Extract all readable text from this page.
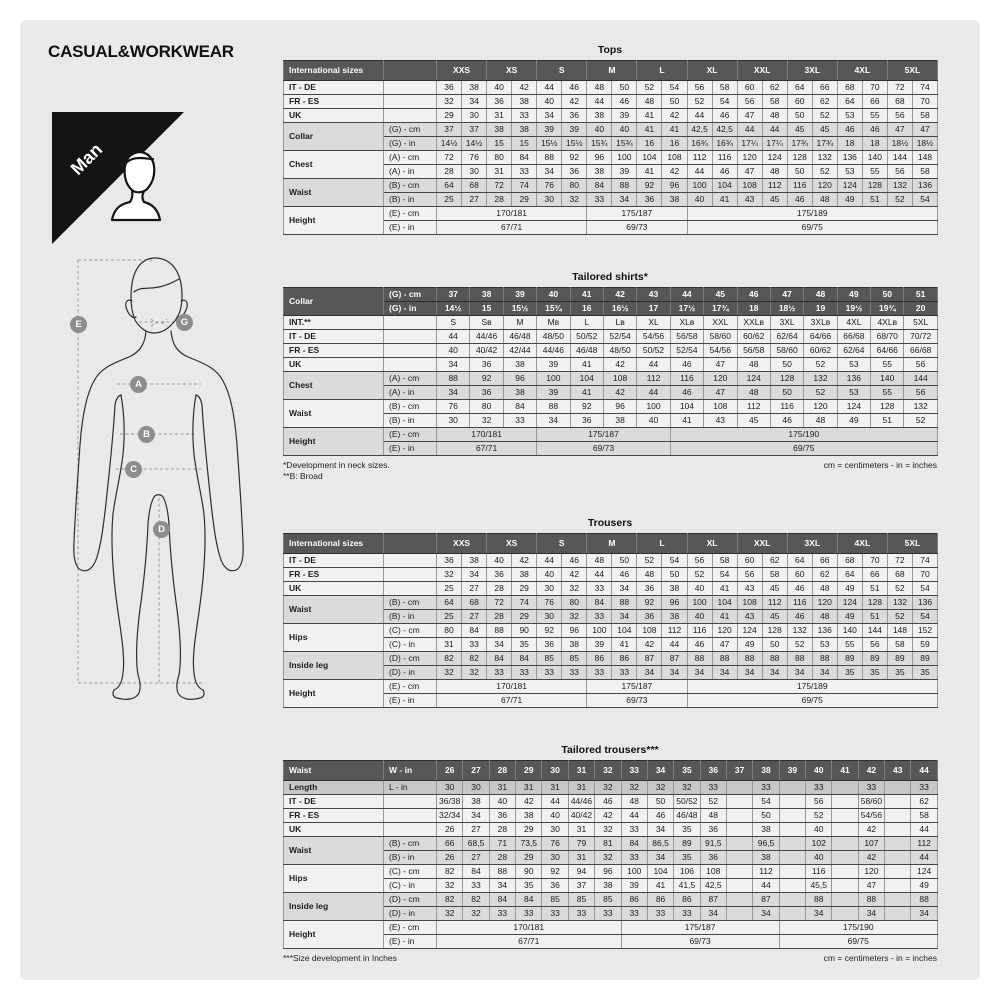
CASUAL&WORKWEAR
Man
E	G
A
B
C
D
Tops
International sizes		XXS		XS		S		M		L		XL		XXL		3XL		4XL		5XL	
IT - DE		36	38	40	42	44	46	48	50	52	54	56	58	60	62	64	66	68	70	72	74
FR - ES		32	34	36	38	40	42	44	46	48	50	52	54	56	58	60	62	64	66	68	70
UK		29	30	31	33	34	36	38	39	41	42	44	46	47	48	50	52	53	55	56	58
Collar	(G) - cm	37	37	38	38	39	39	40	40	41	41	42,5	42,5	44	44	45	45	46	46	47	47
	(G) - in	14½	14½	15	15	15½	15½	15¾	15¾	16	16	16¾	16¾	17¼	17¼	17¾	17¾	18	18	18½	18½
Chest	(A) - cm	72	76	80	84	88	92	96	100	104	108	112	116	120	124	128	132	136	140	144	148
	(A) - in	28	30	31	33	34	36	38	39	41	42	44	46	47	48	50	52	53	55	56	58
Waist	(B) - cm	64	68	72	74	76	80	84	88	92	96	100	104	108	112	116	120	124	128	132	136
	(B) - in	25	27	28	29	30	32	33	34	36	38	40	41	43	45	46	48	49	51	52	54
Height	(E) - cm	170/181						175/187				175/189									
	(E) - in	67/71						69/73				69/75									
Tailored shirts*
Collar	(G) - cm	37	38	39	40	41	42	43	44	45	46	47	48	49	50	51
	(G) - in	14½	15	15½	15¾	16	16½	17	17½	17¾	18	18½	19	19½	19¾	20
INT.**		S	Sʙ	M	Mʙ	L	Lʙ	XL	XLʙ	XXL	XXLʙ	3XL	3XLʙ	4XL	4XLʙ	5XL
IT - DE		44	44/46	46/48	48/50	50/52	52/54	54/56	56/58	58/60	60/62	62/64	64/66	66/68	68/70	70/72
FR - ES		40	40/42	42/44	44/46	46/48	48/50	50/52	52/54	54/56	56/58	58/60	60/62	62/64	64/66	66/68
UK		34	36	38	39	41	42	44	46	47	48	50	52	53	55	56
Chest	(A) - cm	88	92	96	100	104	108	112	116	120	124	128	132	136	140	144
	(A) - in	34	36	38	39	41	42	44	46	47	48	50	52	53	55	56
Waist	(B) - cm	76	80	84	88	92	96	100	104	108	112	116	120	124	128	132
	(B) - in	30	32	33	34	36	38	40	41	43	45	46	48	49	51	52
Height	(E) - cm	170/181			175/187				175/190							
	(E) - in	67/71			69/73				69/75							
*Development in neck sizes.
**B: Broad
cm = centimeters - in = inches
Trousers
International sizes		XXS		XS		S		M		L		XL		XXL		3XL		4XL		5XL	
IT - DE		36	38	40	42	44	46	48	50	52	54	56	58	60	62	64	66	68	70	72	74
FR - ES		32	34	36	38	40	42	44	46	48	50	52	54	56	58	60	62	64	66	68	70
UK		25	27	28	29	30	32	33	34	36	38	40	41	43	45	46	48	49	51	52	54
Waist	(B) - cm	64	68	72	74	76	80	84	88	92	96	100	104	108	112	116	120	124	128	132	136
	(B) - in	25	27	28	29	30	32	33	34	36	38	40	41	43	45	46	48	49	51	52	54
Hips	(C) - cm	80	84	88	90	92	96	100	104	108	112	116	120	124	128	132	136	140	144	148	152
	(C) - in	31	33	34	35	36	38	39	41	42	44	46	47	49	50	52	53	55	56	58	59
Inside leg	(D) - cm	82	82	84	84	85	85	86	86	87	87	88	88	88	88	88	88	89	89	89	89
	(D) - in	32	32	33	33	33	33	33	33	34	34	34	34	34	34	34	34	35	35	35	35
Height	(E) - cm	170/181						175/187				175/189									
	(E) - in	67/71						69/73				69/75									
Tailored trousers***
Waist	W - in	26	27	28	29	30	31	32	33	34	35	36	37	38	39	40	41	42	43	44
Length	L - in	30	30	31	31	31	31	32	32	32	32	33		33		33		33		33
IT - DE		36/38	38	40	42	44	44/46	46	48	50	50/52	52		54		56		58/60		62
FR - ES		32/34	34	36	38	40	40/42	42	44	46	46/48	48		50		52		54/56		58
UK		26	27	28	29	30	31	32	33	34	35	36		38		40		42		44
Waist	(B) - cm	66	68,5	71	73,5	76	79	81	84	86,5	89	91,5		96,5		102		107		112
	(B) - in	26	27	28	29	30	31	32	33	34	35	36		38		40		42		44
Hips	(C) - cm	82	84	88	90	92	94	96	100	104	106	108		112		116		120		124
	(C) - in	32	33	34	35	36	37	38	39	41	41,5	42,5		44		45,5		47		49
Inside leg	(D) - cm	82	82	84	84	85	85	85	86	86	86	87		87		88		88		88
	(D) - in	32	32	33	33	33	33	33	33	33	33	34		34		34		34		34
Height	(E) - cm	170/181							175/187						175/190					
	(E) - in	67/71							69/73						69/75					
***Size development in Inches	cm = centimeters - in = inches
